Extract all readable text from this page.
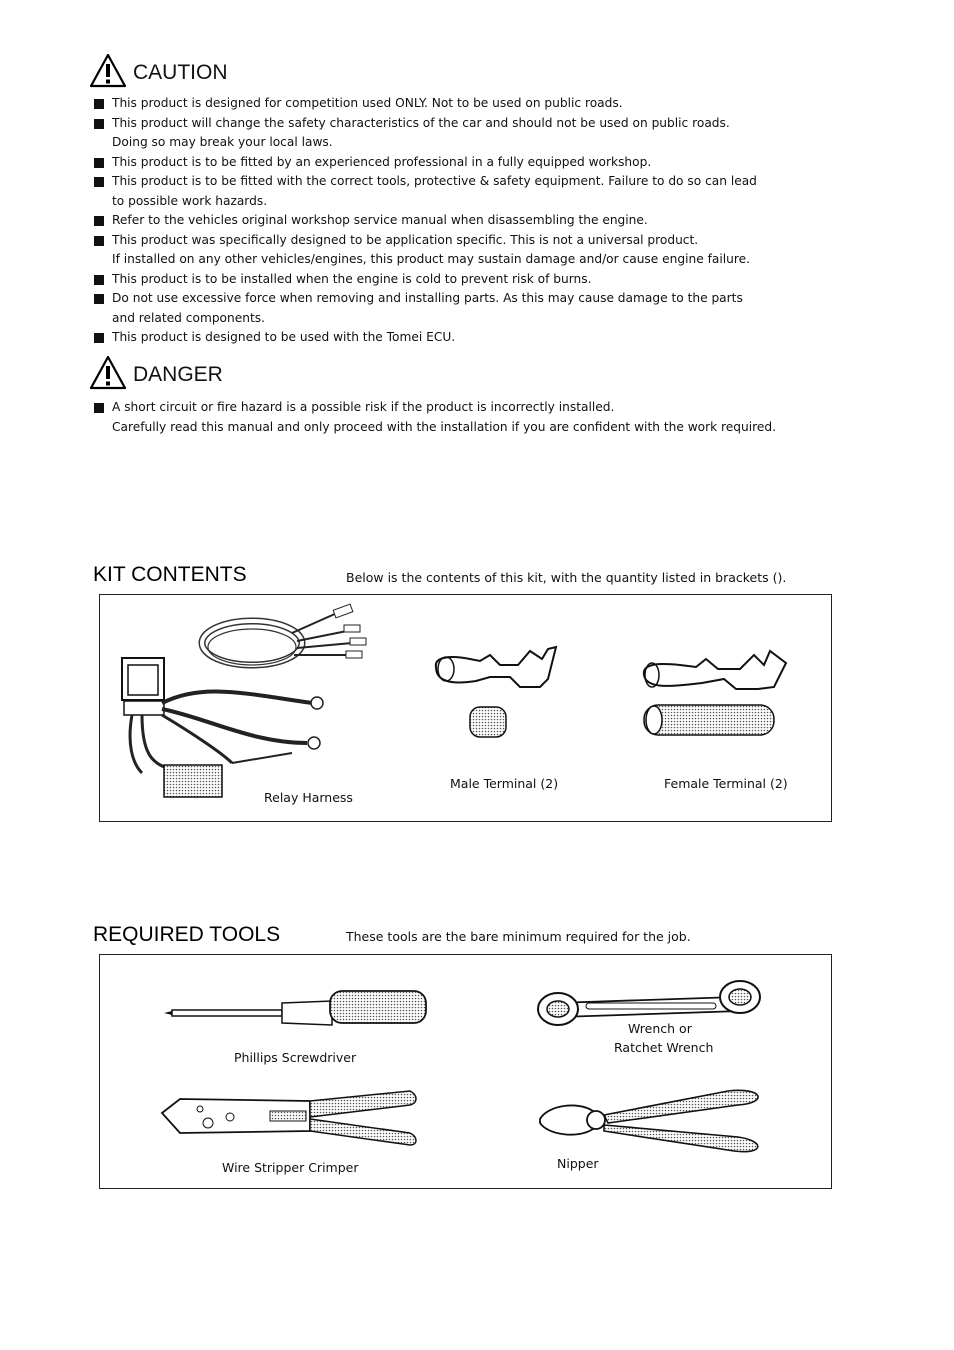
CAUTION
This product is designed for competition used ONLY. Not to be used on public roads.
This product will change the safety characteristics of the car and should not be used on public roads.
Doing so may break your local laws.
This product is to be fitted by an experienced professional in a fully equipped workshop.
This product is to be fitted with the correct tools, protective & safety equipment. Failure to do so can lead
to possible work hazards.
Refer to the vehicles original workshop service manual when disassembling the engine.
This product was specifically designed to be application specific. This is not a universal product.
If installed on any other vehicles/engines, this product may sustain damage and/or cause engine failure.
This product is to be installed when the engine is cold to prevent risk of burns.
Do not use excessive force when removing and installing parts. As this may cause damage to the parts
and related components.
This product is designed to be used with the Tomei ECU.
DANGER
A short circuit or fire hazard is a possible risk if the product is incorrectly installed.
Carefully read this manual and only proceed with the installation if you are confident with the work required.
KIT CONTENTS	Below is the contents of this kit, with the quantity listed in brackets ().
Relay Harness
Male Terminal (2)	Female Terminal (2)
REQUIRED TOOLS	These tools are the bare minimum required for the job.
Phillips Screwdriver
Wrench or
Ratchet Wrench
Wire Stripper Crimper	Nipper
